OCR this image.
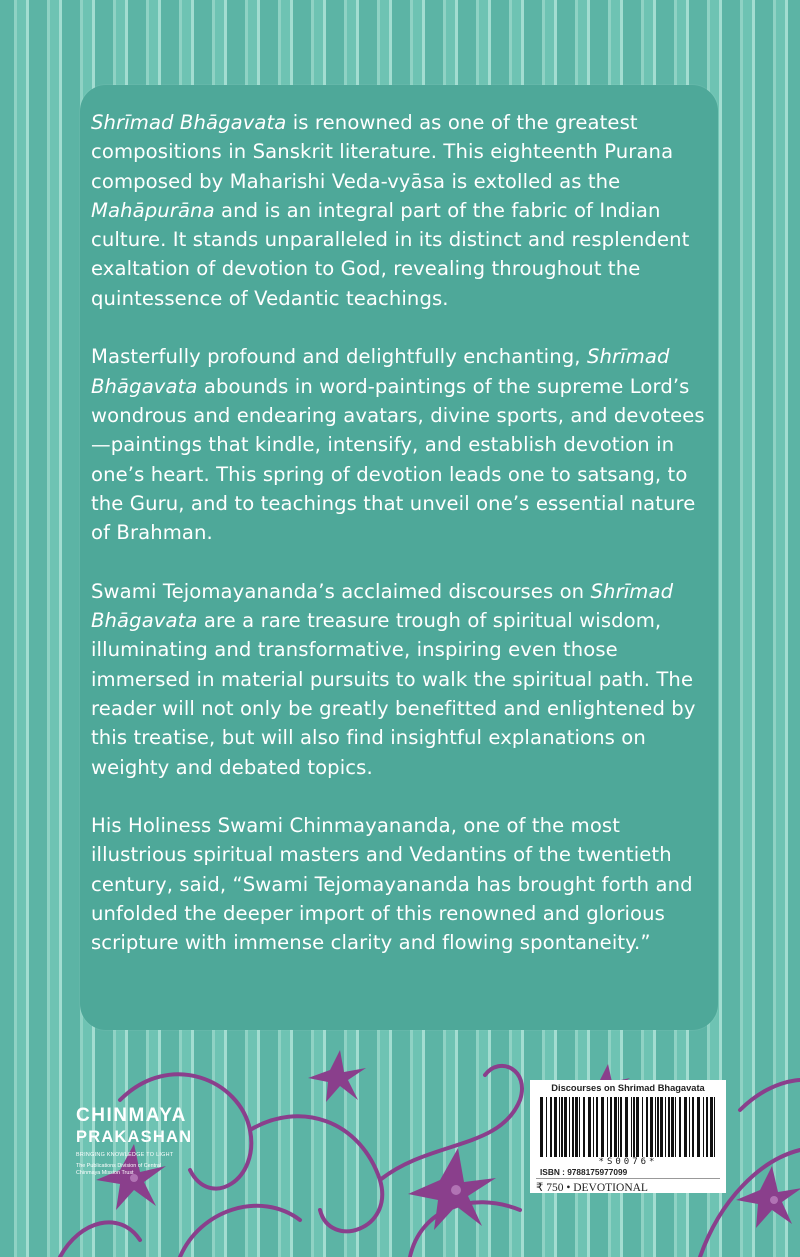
Shrīmad Bhāgavata is renowned as one of the greatest compositions in Sanskrit literature. This eighteenth Purana composed by Maharishi Veda-vyāsa is extolled as the Mahāpurāna and is an integral part of the fabric of Indian culture. It stands unparalleled in its distinct and resplendent exaltation of devotion to God, revealing throughout the quintessence of Vedantic teachings.

Masterfully profound and delightfully enchanting, Shrīmad Bhāgavata abounds in word-paintings of the supreme Lord’s wondrous and endearing avatars, divine sports, and devotees—paintings that kindle, intensify, and establish devotion in one’s heart. This spring of devotion leads one to satsang, to the Guru, and to teachings that unveil one’s essential nature of Brahman.

Swami Tejomayananda’s acclaimed discourses on Shrīmad Bhāgavata are a rare treasure trough of spiritual wisdom, illuminating and transformative, inspiring even those immersed in material pursuits to walk the spiritual path. The reader will not only be greatly benefitted and enlightened by this treatise, but will also find insightful explanations on weighty and debated topics.

His Holiness Swami Chinmayananda, one of the most illustrious spiritual masters and Vedantins of the twentieth century, said, “Swami Tejomayananda has brought forth and unfolded the deeper import of this renowned and glorious scripture with immense clarity and flowing spontaneity.”

CHINMAYA
PRAKASHAN
BRINGING KNOWLEDGE TO LIGHT
The Publications Division of Central Chinmaya Mission Trust
Discourses on Shrimad Bhagavata
*S0076*
ISBN : 9788175977099
₹ 750 • DEVOTIONAL
